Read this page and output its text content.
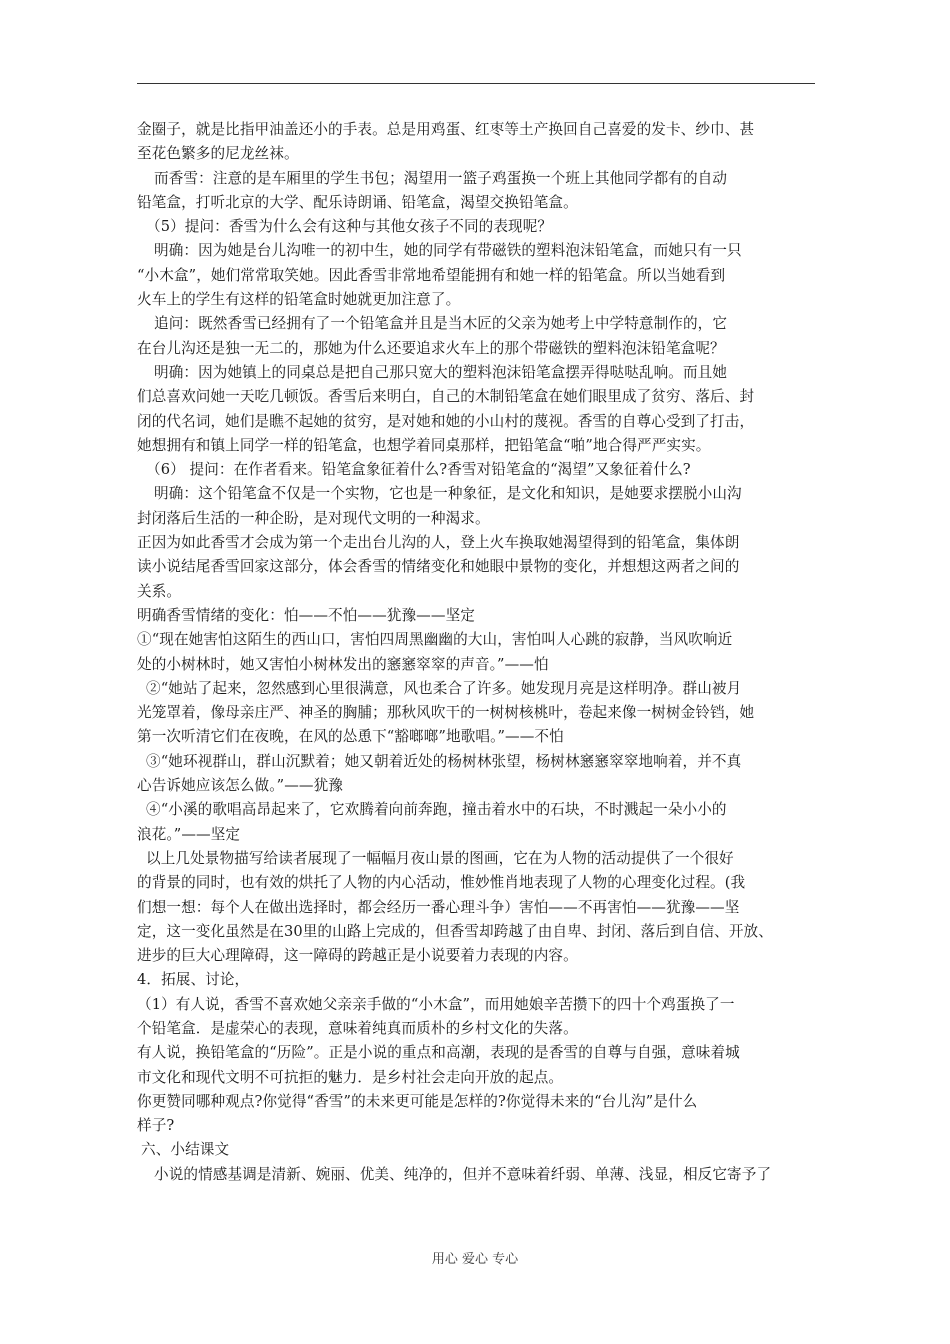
金圈子，就是比指甲油盖还小的手表。总是用鸡蛋、红枣等土产换回自己喜爱的发卡、纱巾、甚

至花色繁多的尼龙丝袜。

而香雪：注意的是车厢里的学生书包；渴望用一篮子鸡蛋换一个班上其他同学都有的自动

铅笔盒，打听北京的大学、配乐诗朗诵、铅笔盒，渴望交换铅笔盒。

（5）提问：香雪为什么会有这种与其他女孩子不同的表现呢？

明确：因为她是台儿沟唯一的初中生，她的同学有带磁铁的塑料泡沫铅笔盒，而她只有一只

“小木盒”，她们常常取笑她。因此香雪非常地希望能拥有和她一样的铅笔盒。所以当她看到

火车上的学生有这样的铅笔盒时她就更加注意了。

追问：既然香雪已经拥有了一个铅笔盒并且是当木匠的父亲为她考上中学特意制作的，它

在台儿沟还是独一无二的，那她为什么还要追求火车上的那个带磁铁的塑料泡沫铅笔盒呢？

明确：因为她镇上的同桌总是把自己那只宽大的塑料泡沫铅笔盒摆弄得哒哒乱响。而且她

们总喜欢问她一天吃几顿饭。香雪后来明白，自己的木制铅笔盒在她们眼里成了贫穷、落后、封

闭的代名词，她们是瞧不起她的贫穷，是对她和她的小山村的蔑视。香雪的自尊心受到了打击，

她想拥有和镇上同学一样的铅笔盒，也想学着同桌那样，把铅笔盒“啪”地合得严严实实。

（6） 提问：在作者看来。铅笔盒象征着什么?香雪对铅笔盒的“渴望”又象征着什么?

明确：这个铅笔盒不仅是一个实物，它也是一种象征，是文化和知识，是她要求摆脱小山沟

封闭落后生活的一种企盼，是对现代文明的一种渴求。

正因为如此香雪才会成为第一个走出台儿沟的人，登上火车换取她渴望得到的铅笔盒，集体朗

读小说结尾香雪回家这部分，体会香雪的情绪变化和她眼中景物的变化，并想想这两者之间的

关系。

明确香雪情绪的变化：怕——不怕——犹豫——坚定

①“现在她害怕这陌生的西山口，害怕四周黑幽幽的大山，害怕叫人心跳的寂静，当风吹响近

处的小树林时，她又害怕小树林发出的窸窸窣窣的声音。”——怕

②“她站了起来，忽然感到心里很满意，风也柔合了许多。她发现月亮是这样明净。群山被月

光笼罩着，像母亲庄严、神圣的胸脯；那秋风吹干的一树树核桃叶，卷起来像一树树金铃铛，她

第一次听清它们在夜晚，在风的怂恿下“豁啷啷”地歌唱。”——不怕

③“她环视群山，群山沉默着；她又朝着近处的杨树林张望，杨树林窸窸窣窣地响着，并不真

心告诉她应该怎么做。”——犹豫

④“小溪的歌唱高昂起来了，它欢腾着向前奔跑，撞击着水中的石块，不时溅起一朵小小的

浪花。”——坚定

以上几处景物描写给读者展现了一幅幅月夜山景的图画，它在为人物的活动提供了一个很好

的背景的同时，也有效的烘托了人物的内心活动，惟妙惟肖地表现了人物的心理变化过程。(我

们想一想：每个人在做出选择时，都会经历一番心理斗争）害怕——不再害怕——犹豫——坚

定，这一变化虽然是在30里的山路上完成的，但香雪却跨越了由自卑、封闭、落后到自信、开放、

进步的巨大心理障碍，这一障碍的跨越正是小说要着力表现的内容。

4．拓展、讨论，

（1）有人说，香雪不喜欢她父亲亲手做的“小木盒”，而用她娘辛苦攒下的四十个鸡蛋换了一

个铅笔盒．是虚荣心的表现，意味着纯真而质朴的乡村文化的失落。

有人说，换铅笔盒的“历险”。正是小说的重点和高潮，表现的是香雪的自尊与自强，意味着城

市文化和现代文明不可抗拒的魅力．是乡村社会走向开放的起点。

你更赞同哪种观点?你觉得“香雪”的未来更可能是怎样的?你觉得未来的“台儿沟”是什么

样子?

六、小结课文

小说的情感基调是清新、婉丽、优美、纯净的，但并不意味着纤弱、单薄、浅显，相反它寄予了

用心 爱心 专心
